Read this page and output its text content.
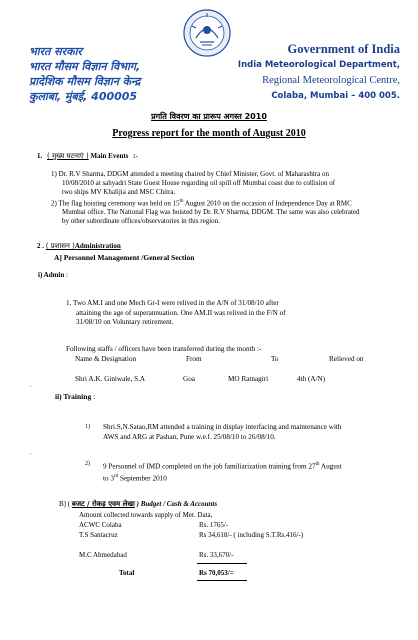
भारत सरकार
भारत मौसम विज्ञान विभाग,
प्रादेशिक मौसम विज्ञान केन्द्र
कुलाबा, मुंबई, 400005
Government of India
India Meteorological Department,
Regional Meteorological Centre,
Colaba, Mumbai – 400 005.
प्रगति विवरण का प्रारूप अगस्त 2010
Progress report for the month of August 2010
1. ( मुख्य घटनाएं ) Main Events :-
1) Dr. R.V Sharma, DDGM attended a meeting chaired by Chief Minister, Govt. of Maharashtra on
10/08/2010 at sahyadri State Guest House regarding oil spill off Mumbai coast due to collision of
two ships MV Khalijia and MSC Chitra.
2) The flag hoisting ceremony was held on 15th August 2010 on the occasion of Independence Day at RMC
Mumbai office. The National Flag was hoisted by Dr. R.V Sharma, DDGM. The same was also celebrated
by other subordinate offices/observatories in this region.
2 . ( प्रशासन )Administration
A] Personnel Management /General Section
i) Admin :
1. Two AM.I and one Mech Gr-I were relived in the A/N of 31/08/10 after
attaining the age of superannuation. One AM.II was relived in the F/N of
31/08/10 on Voluntary retirement.
Following staffs / officers have been transferred during the month :-
Name & Designation	From	To	Relieved on
Shri A.K. Giniwale, S.A	Goa	MO Ratnagiri	4th (A/N)
.
ii) Training :
1)	Shri.S,N.Satao,RM attended a training in display interfacing and maintenance with
AWS and ARG at Pashan, Pune w.e.f. 25/08/10 to 26/08/10.
.
2)	9 Personnel of IMD completed on the job familiarization training from 27th August
to 3rd September 2010
B] ( बजट / रोकड़ एवम लेखा ) Budget / Cash & Accounts
Amount collected towards supply of Met. Data,
ACWC Colaba	Rs. 1765/-
T.S Santacruz	Rs 34,618/- ( including S.T.Rs.416/-)
M.C Ahmedabad	Rs. 33,670/-
Total	Rs 70,053/=
